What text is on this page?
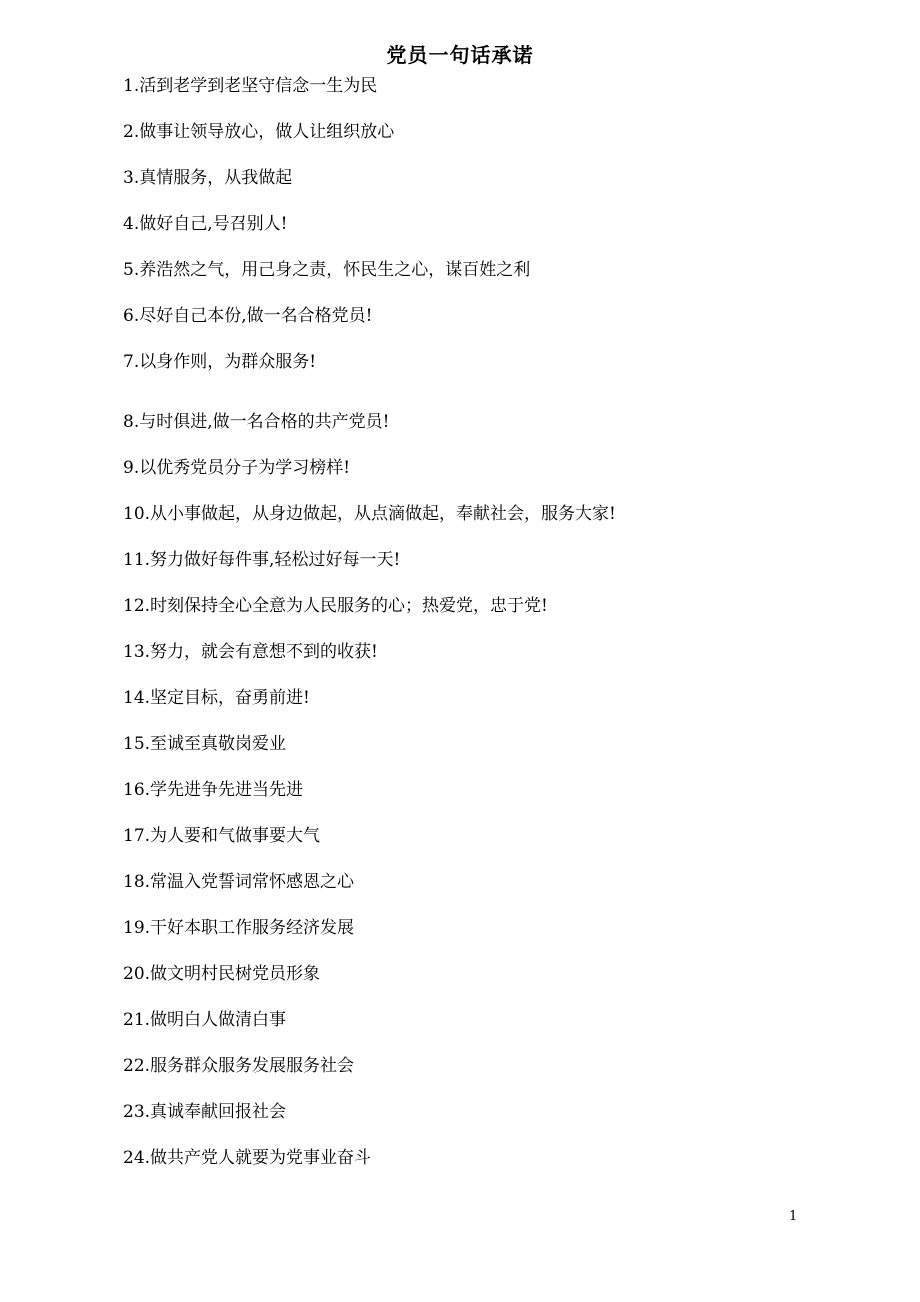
党员一句话承诺
1.活到老学到老坚守信念一生为民
2.做事让领导放心，做人让组织放心
3.真情服务，从我做起
4.做好自己,号召别人!
5.养浩然之气，用己身之责，怀民生之心，谋百姓之利
6.尽好自己本份,做一名合格党员!
7.以身作则，为群众服务!
8.与时俱进,做一名合格的共产党员!
9.以优秀党员分子为学习榜样!
10.从小事做起，从身边做起，从点滴做起，奉献社会，服务大家!
11.努力做好每件事,轻松过好每一天!
12.时刻保持全心全意为人民服务的心；热爱党，忠于党!
13.努力，就会有意想不到的收获!
14.坚定目标，奋勇前进!
15.至诚至真敬岗爱业
16.学先进争先进当先进
17.为人要和气做事要大气
18.常温入党誓词常怀感恩之心
19.干好本职工作服务经济发展
20.做文明村民树党员形象
21.做明白人做清白事
22.服务群众服务发展服务社会
23.真诚奉献回报社会
24.做共产党人就要为党事业奋斗
1
